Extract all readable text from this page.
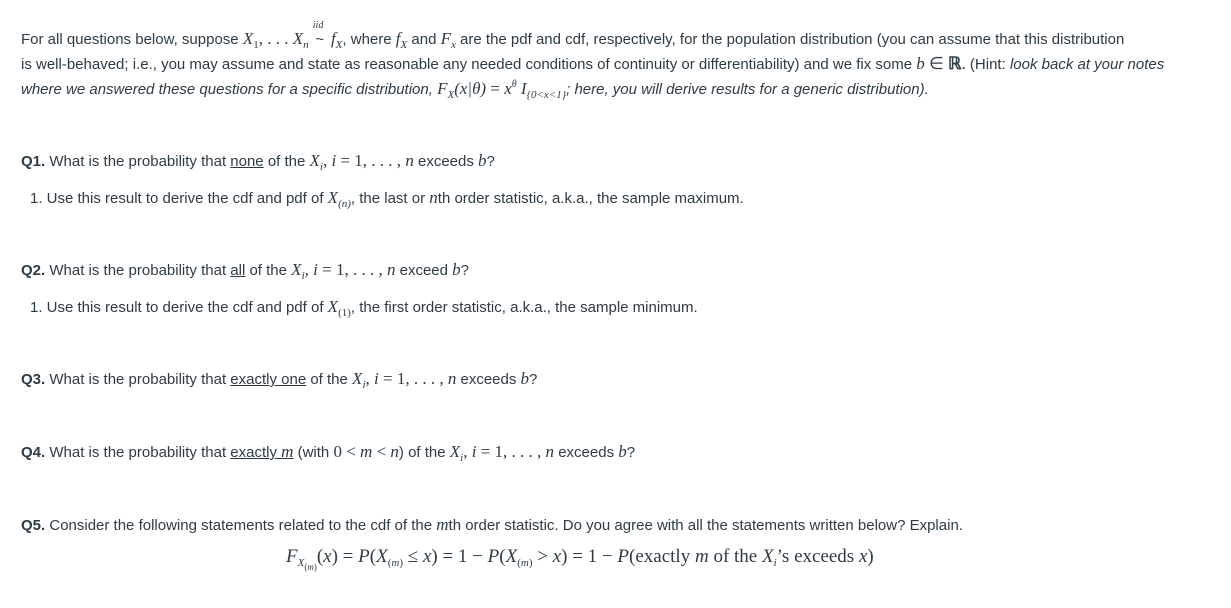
For all questions below, suppose $X_1$, . . . $X_n$
iid
~ $f_X$, where $f_X$ and $F_x$ are the pdf and cdf, respectively, for the population distribution (you can assume that this distribution
is well-behaved; i.e., you may assume and state as reasonable any needed conditions of continuity or differentiability) and we fix some b ∈ ℝ. (Hint: look back at your notes
where we answered these questions for a specific distribution, $F_X(x|\theta) = x^\theta$ $I_{\{0<x<1\}}$; here, you will derive results for a generic distribution).
Q1. What is the probability that none of the $X_i$, i = 1, . . . , n exceeds b?
1. Use this result to derive the cdf and pdf of $X_{(n)}$, the last or nth order statistic, a.k.a., the sample maximum.
Q2. What is the probability that all of the $X_i$, i = 1, . . . , n exceed b?
1. Use this result to derive the cdf and pdf of $X_{(1)}$, the first order statistic, a.k.a., the sample minimum.
Q3. What is the probability that exactly one of the $X_i$, i = 1, . . . , n exceeds b?
Q4. What is the probability that exactly m (with 0 < m < n) of the $X_i$, i = 1, . . . , n exceeds b?
Q5. Consider the following statements related to the cdf of the mth order statistic. Do you agree with all the statements written below? Explain.
$F_{X_{(m)}}(x) = P(X_{(m)} \le x) = 1 - P(X_{(m)} > x) = 1$ − P(exactly m of the $X_i’s$ exceeds x)
